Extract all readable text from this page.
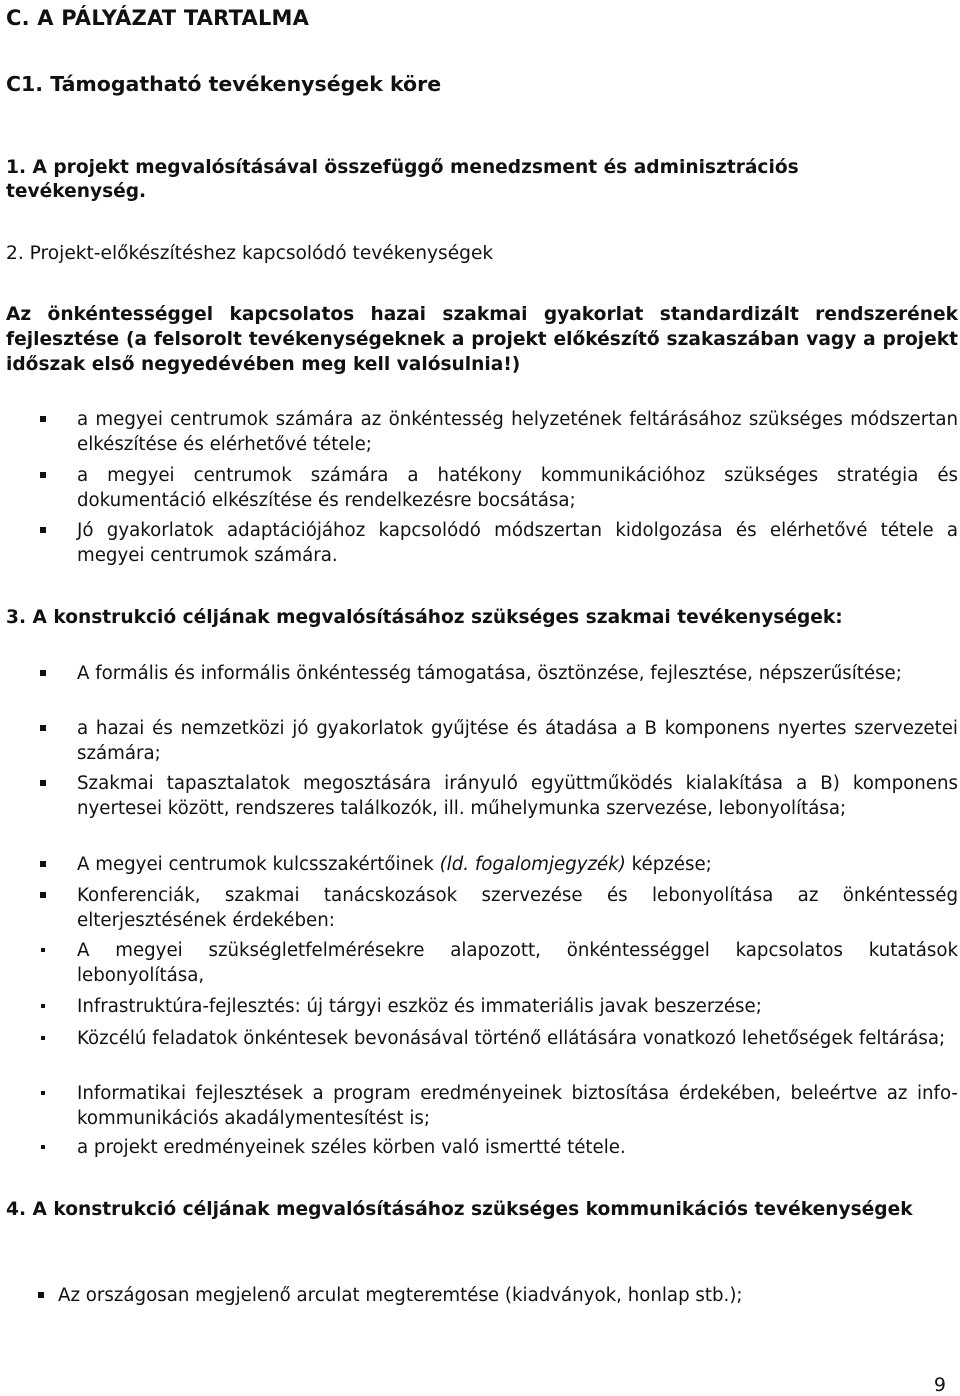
C. A PÁLYÁZAT TARTALMA
C1. Támogatható tevékenységek köre
1. A projekt megvalósításával összefüggő menedzsment és adminisztrációs
tevékenység.
2. Projekt-előkészítéshez kapcsolódó tevékenységek
Az önkéntességgel kapcsolatos hazai szakmai gyakorlat standardizált rendszerének fejlesztése (a felsorolt tevékenységeknek a projekt előkészítő szakaszában vagy a projekt időszak első negyedévében meg kell valósulnia!)
a megyei centrumok számára az önkéntesség helyzetének feltárásához szükséges módszertan elkészítése és elérhetővé tétele;
a megyei centrumok számára a hatékony kommunikációhoz szükséges stratégia és dokumentáció elkészítése és rendelkezésre bocsátása;
Jó gyakorlatok adaptációjához kapcsolódó módszertan kidolgozása és elérhetővé tétele a megyei centrumok számára.
3. A konstrukció céljának megvalósításához szükséges szakmai tevékenységek:
A formális és informális önkéntesség támogatása, ösztönzése, fejlesztése, népszerűsítése;
a hazai és nemzetközi jó gyakorlatok gyűjtése és átadása a B komponens nyertes szervezetei számára;
Szakmai tapasztalatok megosztására irányuló együttműködés kialakítása a B) komponens nyertesei között, rendszeres találkozók, ill. műhelymunka szervezése, lebonyolítása;
A megyei centrumok kulcsszakértőinek (ld. fogalomjegyzék) képzése;
Konferenciák, szakmai tanácskozások szervezése és lebonyolítása az önkéntesség elterjesztésének érdekében:
A megyei szükségletfelmérésekre alapozott, önkéntességgel kapcsolatos kutatások lebonyolítása,
Infrastruktúra-fejlesztés: új tárgyi eszköz és immateriális javak beszerzése;
Közcélú feladatok önkéntesek bevonásával történő ellátására vonatkozó lehetőségek feltárása;
Informatikai fejlesztések a program eredményeinek biztosítása érdekében, beleértve az info-kommunikációs akadálymentesítést is;
a projekt eredményeinek széles körben való ismertté tétele.
4. A konstrukció céljának megvalósításához szükséges kommunikációs tevékenységek
Az országosan megjelenő arculat megteremtése (kiadványok, honlap stb.);
9
